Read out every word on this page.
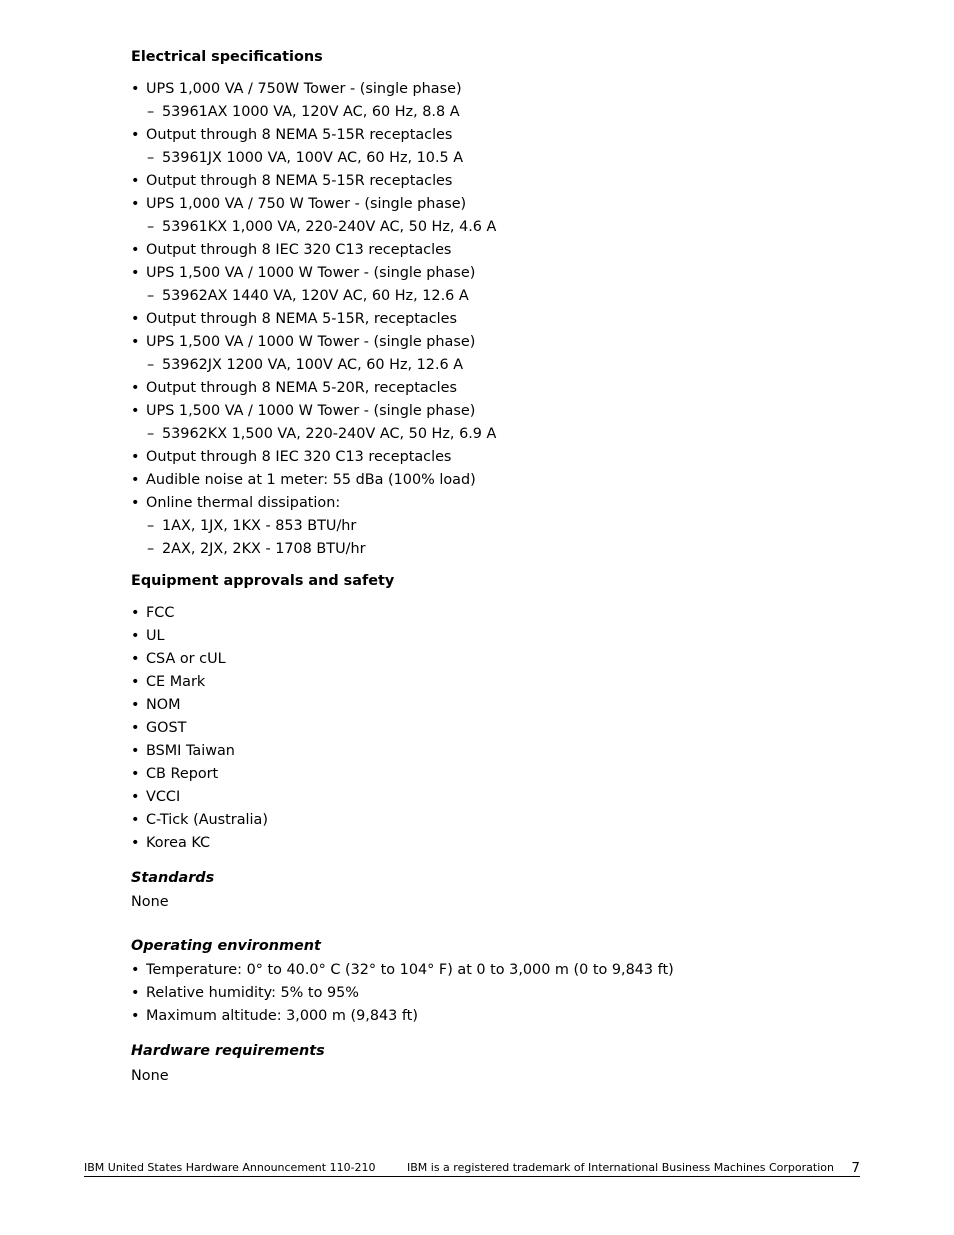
Electrical specifications
• UPS 1,000 VA / 750W Tower - (single phase)
– 53961AX 1000 VA, 120V AC, 60 Hz, 8.8 A
• Output through 8 NEMA 5-15R receptacles
– 53961JX 1000 VA, 100V AC, 60 Hz, 10.5 A
• Output through 8 NEMA 5-15R receptacles
• UPS 1,000 VA / 750 W Tower - (single phase)
– 53961KX 1,000 VA, 220-240V AC, 50 Hz, 4.6 A
• Output through 8 IEC 320 C13 receptacles
• UPS 1,500 VA / 1000 W Tower - (single phase)
– 53962AX 1440 VA, 120V AC, 60 Hz, 12.6 A
• Output through 8 NEMA 5-15R, receptacles
• UPS 1,500 VA / 1000 W Tower - (single phase)
– 53962JX 1200 VA, 100V AC, 60 Hz, 12.6 A
• Output through 8 NEMA 5-20R, receptacles
• UPS 1,500 VA / 1000 W Tower - (single phase)
– 53962KX 1,500 VA, 220-240V AC, 50 Hz, 6.9 A
• Output through 8 IEC 320 C13 receptacles
• Audible noise at 1 meter: 55 dBa (100% load)
• Online thermal dissipation:
– 1AX, 1JX, 1KX - 853 BTU/hr
– 2AX, 2JX, 2KX - 1708 BTU/hr
Equipment approvals and safety
• FCC
• UL
• CSA or cUL
• CE Mark
• NOM
• GOST
• BSMI Taiwan
• CB Report
• VCCI
• C-Tick (Australia)
• Korea KC
Standards

None

Operating environment
• Temperature: 0° to 40.0° C (32° to 104° F) at 0 to 3,000 m (0 to 9,843 ft)
• Relative humidity: 5% to 95%
• Maximum altitude: 3,000 m (9,843 ft)
Hardware requirements

None

IBM United States Hardware Announcement 110-210	IBM is a registered trademark of International Business Machines Corporation 7
